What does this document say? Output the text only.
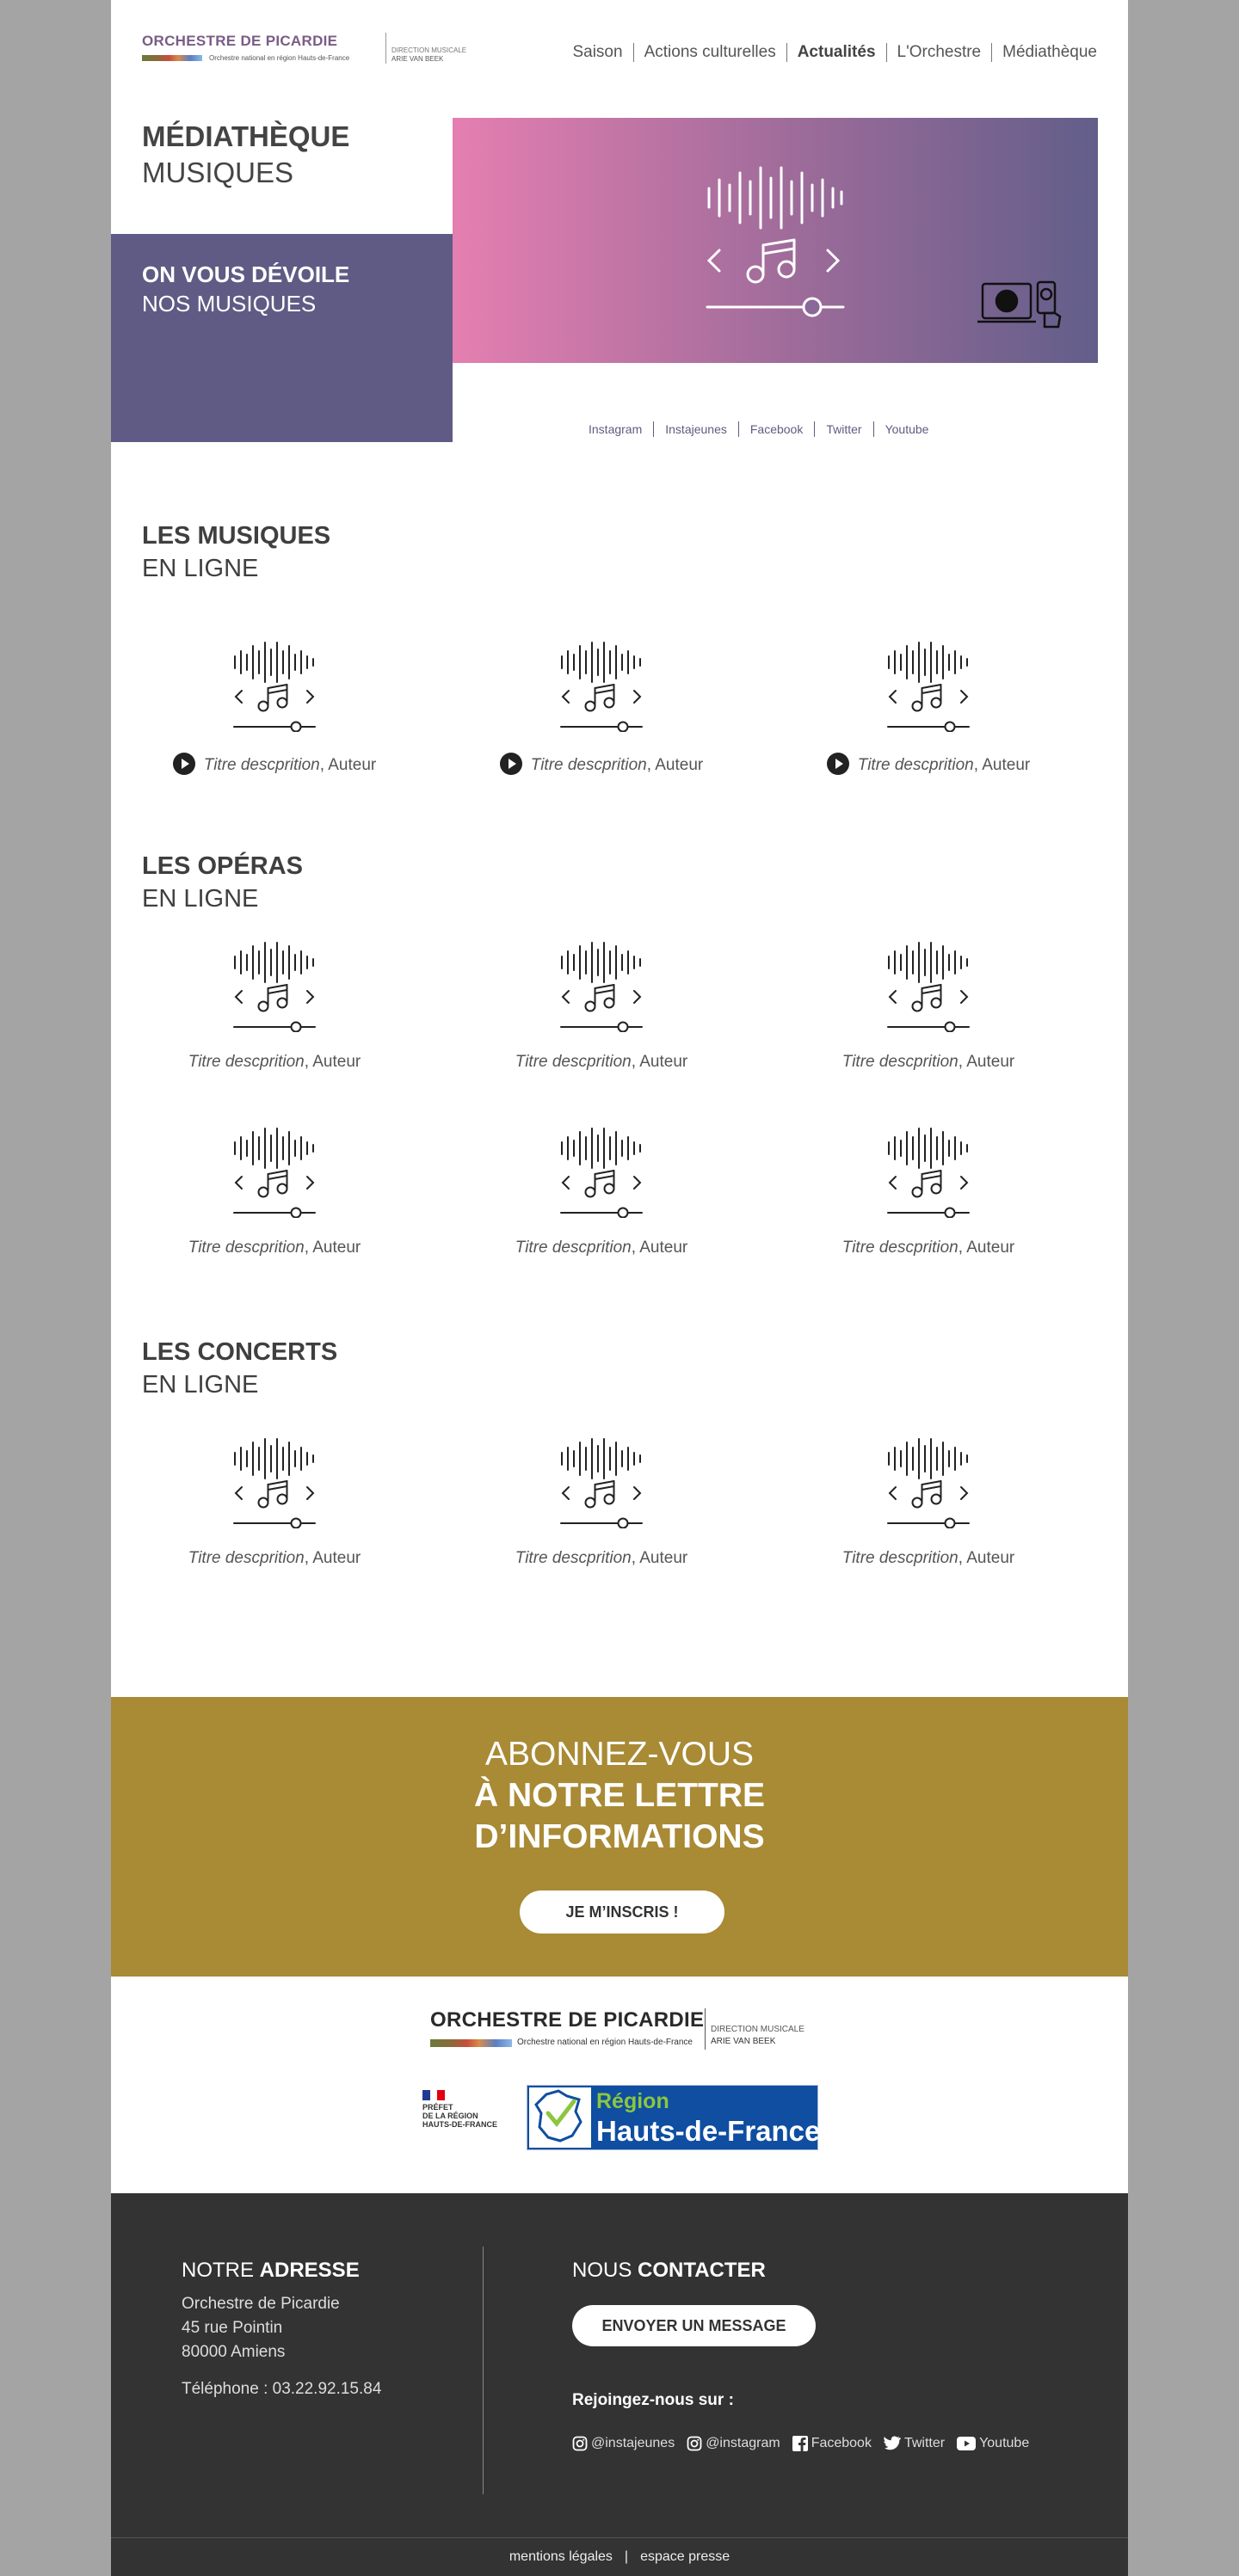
ORCHESTRE DE PICARDIE
Orchestre national en région Hauts-de-France
DIRECTION MUSICALE
ARIE VAN BEEK	Saison	Actions culturelles	Actualités	L'Orchestre	Médiathèque
MÉDIATHÈQUE
MUSIQUES
ON VOUS DÉVOILE
NOS MUSIQUES
Instagram	Instajeunes	Facebook	Twitter	Youtube
LES MUSIQUES
EN LIGNE
Titre descprition, Auteur	Titre descprition, Auteur	Titre descprition, Auteur
LES OPÉRAS
EN LIGNE
Titre descprition, Auteur	Titre descprition, Auteur	Titre descprition, Auteur
Titre descprition, Auteur	Titre descprition, Auteur	Titre descprition, Auteur
LES CONCERTS
EN LIGNE
Titre descprition, Auteur	Titre descprition, Auteur	Titre descprition, Auteur
ABONNEZ-VOUS
À NOTRE LETTRE
D’INFORMATIONS
JE M’INSCRIS !
ORCHESTRE DE PICARDIE
Orchestre national en région Hauts-de-France
DIRECTION MUSICALE
ARIE VAN BEEK
PRÉFET
DE LA RÉGION
HAUTS-DE-FRANCE
Région
Hauts-de-France
NOTRE ADRESSE
Orchestre de Picardie
45 rue Pointin
80000 Amiens
Téléphone : 03.22.92.15.84
NOUS CONTACTER
ENVOYER UN MESSAGE
Rejoingez-nous sur :
@instajeunes @instagram Facebook Twitter	Youtube
mentions légales | espace presse
